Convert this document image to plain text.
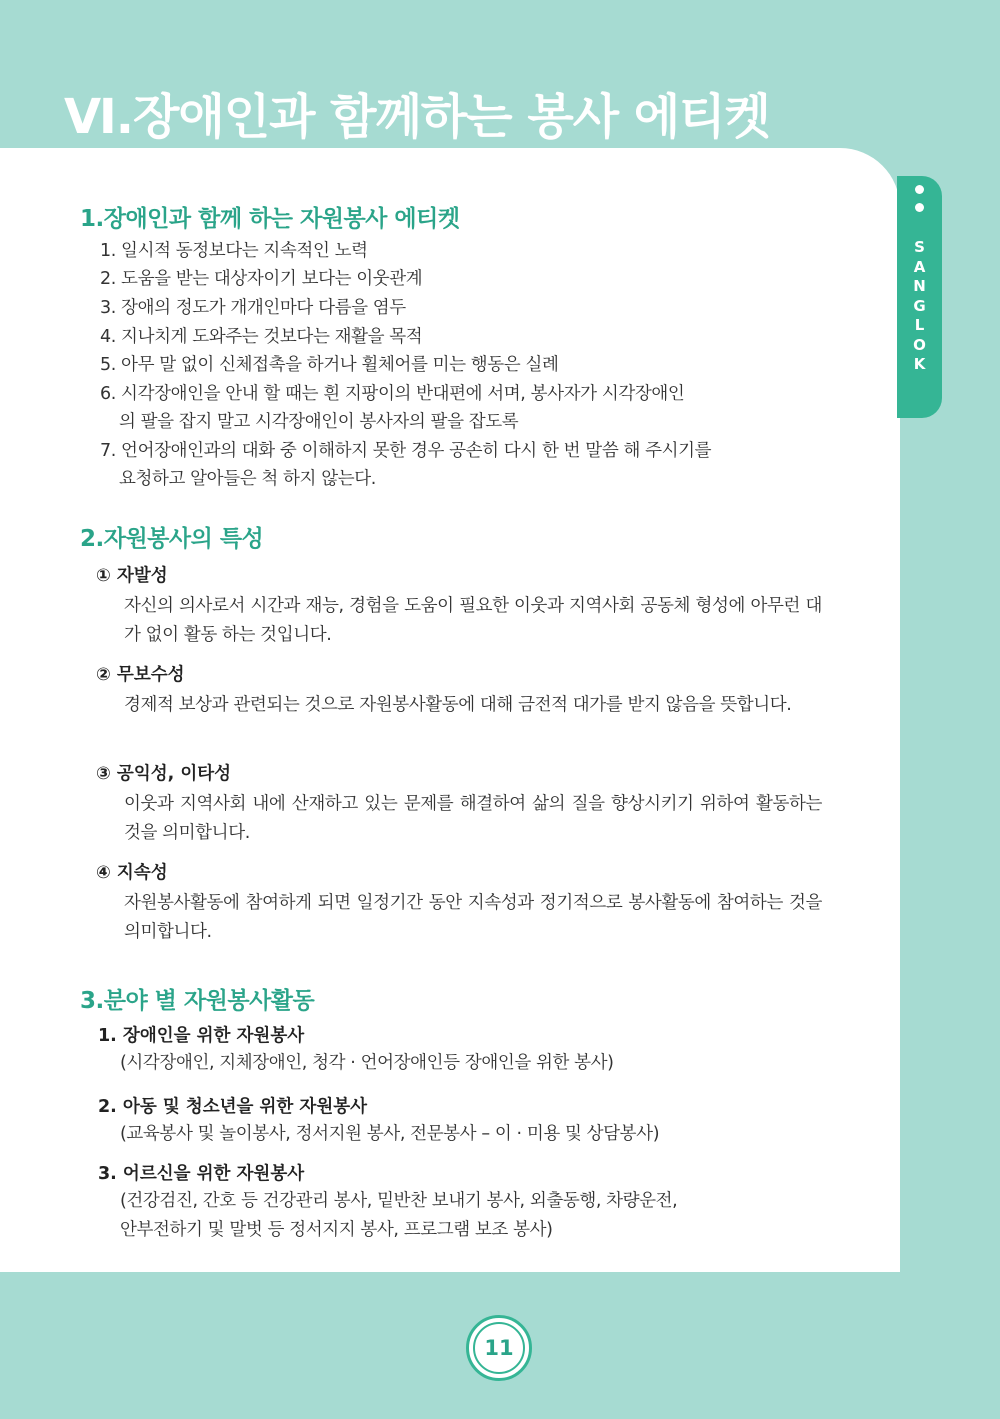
Ⅵ.장애인과 함께하는 봉사 에티켓
S
A
N
G
L
O
K
1.장애인과 함께 하는 자원봉사 에티켓
1. 일시적 동정보다는 지속적인 노력
2. 도움을 받는 대상자이기 보다는 이웃관계
3. 장애의 정도가 개개인마다 다름을 염두
4. 지나치게 도와주는 것보다는 재활을 목적
5. 아무 말 없이 신체접촉을 하거나 휠체어를 미는 행동은 실례
6. 시각장애인을 안내 할 때는 흰 지팡이의 반대편에 서며, 봉사자가 시각장애인
의 팔을 잡지 말고 시각장애인이 봉사자의 팔을 잡도록
7. 언어장애인과의 대화 중 이해하지 못한 경우 공손히 다시 한 번 말씀 해 주시기를
요청하고 알아들은 척 하지 않는다.
2.자원봉사의 특성
① 자발성
자신의 의사로서 시간과 재능, 경험을 도움이 필요한 이웃과 지역사회 공동체 형성에 아무런 대가 없이 활동 하는 것입니다.
② 무보수성
경제적 보상과 관련되는 것으로 자원봉사활동에 대해 금전적 대가를 받지 않음을 뜻합니다.
③ 공익성, 이타성
이웃과 지역사회 내에 산재하고 있는 문제를 해결하여 삶의 질을 향상시키기 위하여 활동하는 것을 의미합니다.
④ 지속성
자원봉사활동에 참여하게 되면 일정기간 동안 지속성과 정기적으로 봉사활동에 참여하는 것을 의미합니다.
3.분야 별 자원봉사활동
1. 장애인을 위한 자원봉사
(시각장애인, 지체장애인, 청각 · 언어장애인등 장애인을 위한 봉사)
2. 아동 및 청소년을 위한 자원봉사
(교육봉사 및 놀이봉사, 정서지원 봉사, 전문봉사 – 이 · 미용 및 상담봉사)
3. 어르신을 위한 자원봉사
(건강검진, 간호 등 건강관리 봉사, 밑반찬 보내기 봉사, 외출동행, 차량운전,
안부전하기 및 말벗 등 정서지지 봉사, 프로그램 보조 봉사)
11
